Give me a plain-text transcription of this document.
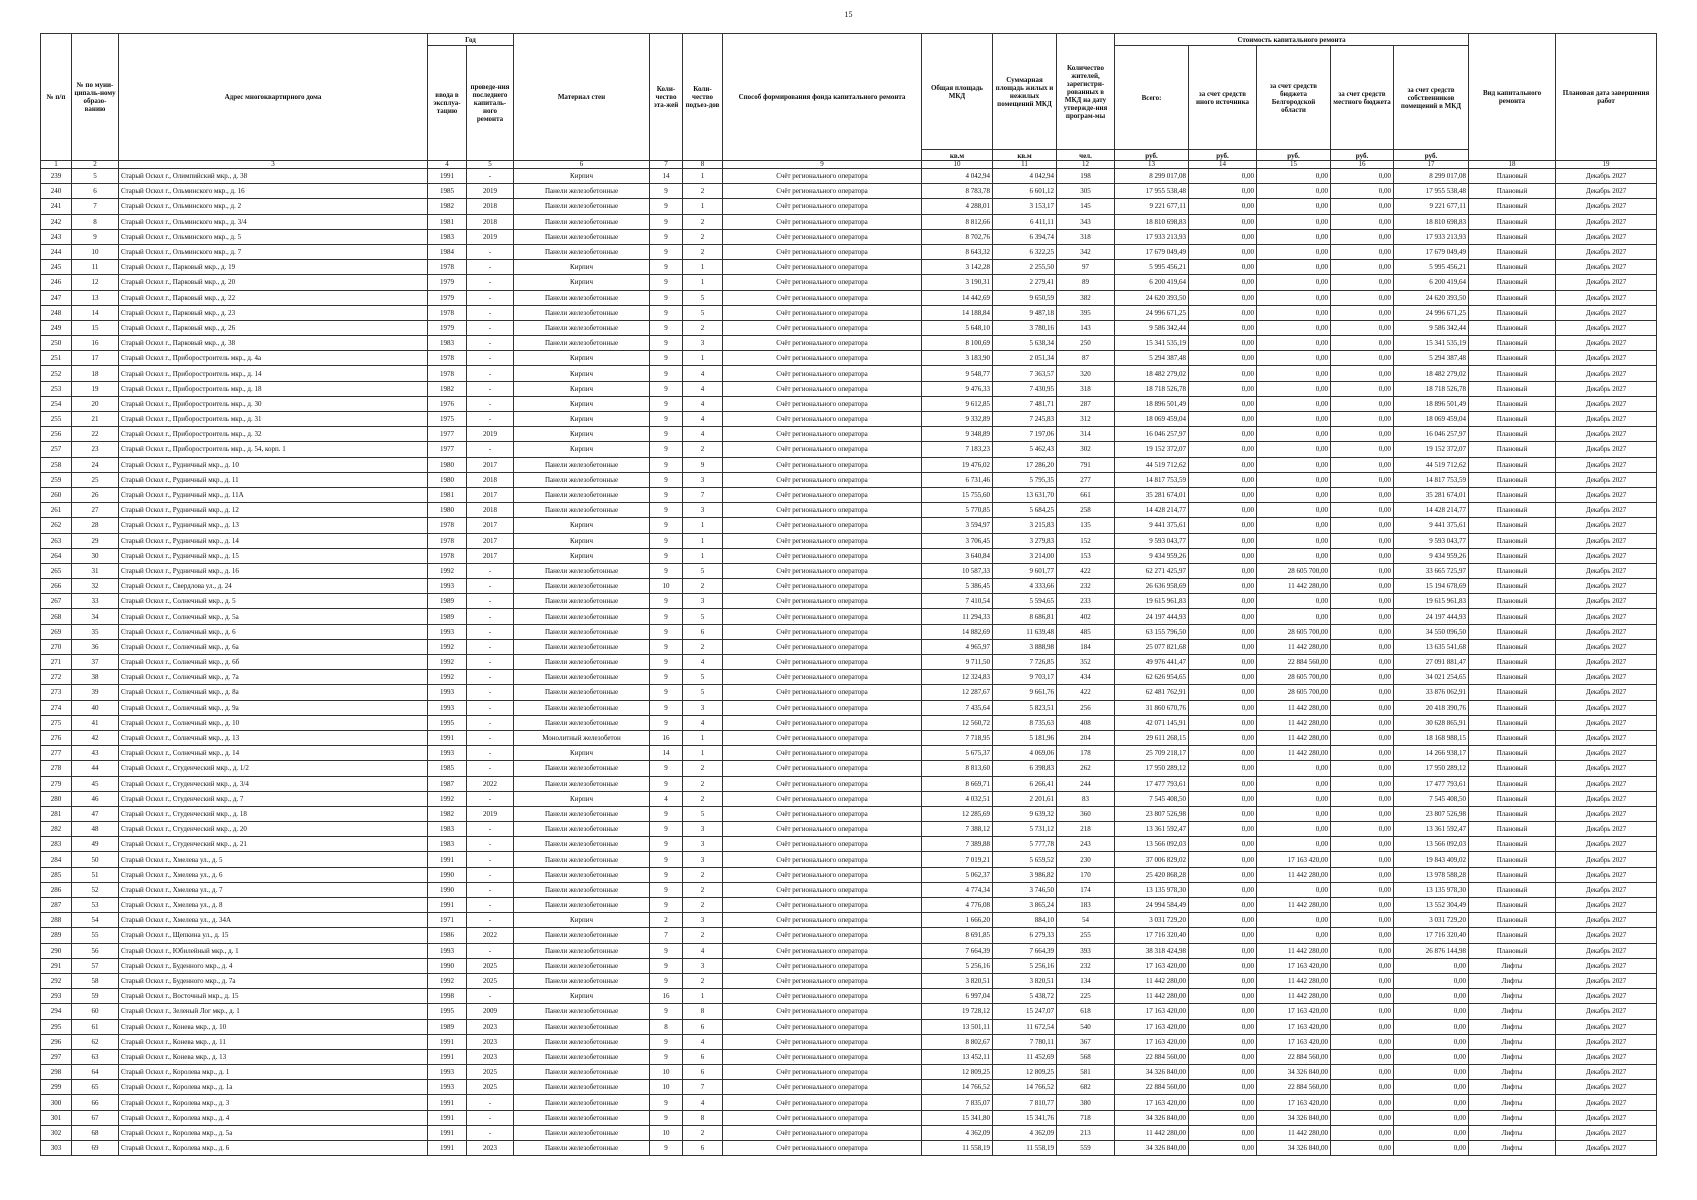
15
№ п/п	№ по муни-ципаль-ному образо-ванию	Адрес многоквартирного дома	Год		Материал стен	Коли-чество эта-жей	Коли-чество подъез-дов	Способ формирования фонда капитального ремонта	Общая площадь МКД	Суммарная площадь жилых и нежилых помещений МКД	Количество жителей, зарегистри-рованных в МКД на дату утвержде-ния програм-мы	Стоимость капитального ремонта					Вид капитального ремонта	Плановая дата завершения работ
			ввода в эксплуа-тацию	проведе-ния последнего капиталь-ного ремонта								Всего:	за счет средств иного источника	за счет средств бюджета Белгородской области	за счет средств местного бюджета	за счет средств собственников помещений в МКД		
									кв.м	кв.м	чел.	руб.	руб.	руб.	руб.	руб.		
1	2	3	4	5	6	7	8	9	10	11	12	13	14	15	16	17	18	19
239	5	Старый Оскол г., Олимпийский мкр., д. 38	1991	-	Кирпич	14	1	Счёт регионального оператора	4 042,94	4 042,94	198	8 299 017,08	0,00	0,00	0,00	8 299 017,08	Плановый	Декабрь 2027
240	6	Старый Оскол г., Ольминского мкр., д. 16	1985	2019	Панели железобетонные	9	2	Счёт регионального оператора	8 783,78	6 601,12	305	17 955 538,48	0,00	0,00	0,00	17 955 538,48	Плановый	Декабрь 2027
241	7	Старый Оскол г., Ольминского мкр., д. 2	1982	2018	Панели железобетонные	9	1	Счёт регионального оператора	4 288,01	3 153,17	145	9 221 677,11	0,00	0,00	0,00	9 221 677,11	Плановый	Декабрь 2027
242	8	Старый Оскол г., Ольминского мкр., д. 3/4	1981	2018	Панели железобетонные	9	2	Счёт регионального оператора	8 812,66	6 411,11	343	18 810 698,83	0,00	0,00	0,00	18 810 698,83	Плановый	Декабрь 2027
243	9	Старый Оскол г., Ольминского мкр., д. 5	1983	2019	Панели железобетонные	9	2	Счёт регионального оператора	8 702,76	6 394,74	318	17 933 213,93	0,00	0,00	0,00	17 933 213,93	Плановый	Декабрь 2027
244	10	Старый Оскол г., Ольминского мкр., д. 7	1984	-	Панели железобетонные	9	2	Счёт регионального оператора	8 643,32	6 322,25	342	17 679 049,49	0,00	0,00	0,00	17 679 049,49	Плановый	Декабрь 2027
245	11	Старый Оскол г., Парковый мкр., д. 19	1978	-	Кирпич	9	1	Счёт регионального оператора	3 142,28	2 255,50	97	5 995 456,21	0,00	0,00	0,00	5 995 456,21	Плановый	Декабрь 2027
246	12	Старый Оскол г., Парковый мкр., д. 20	1979	-	Кирпич	9	1	Счёт регионального оператора	3 190,31	2 279,41	89	6 200 419,64	0,00	0,00	0,00	6 200 419,64	Плановый	Декабрь 2027
247	13	Старый Оскол г., Парковый мкр., д. 22	1979	-	Панели железобетонные	9	5	Счёт регионального оператора	14 442,69	9 650,59	382	24 620 393,50	0,00	0,00	0,00	24 620 393,50	Плановый	Декабрь 2027
248	14	Старый Оскол г., Парковый мкр., д. 23	1978	-	Панели железобетонные	9	5	Счёт регионального оператора	14 188,84	9 487,18	395	24 996 671,25	0,00	0,00	0,00	24 996 671,25	Плановый	Декабрь 2027
249	15	Старый Оскол г., Парковый мкр., д. 26	1979	-	Панели железобетонные	9	2	Счёт регионального оператора	5 648,10	3 780,16	143	9 586 342,44	0,00	0,00	0,00	9 586 342,44	Плановый	Декабрь 2027
250	16	Старый Оскол г., Парковый мкр., д. 38	1983	-	Панели железобетонные	9	3	Счёт регионального оператора	8 100,69	5 638,34	250	15 341 535,19	0,00	0,00	0,00	15 341 535,19	Плановый	Декабрь 2027
251	17	Старый Оскол г., Приборостроитель мкр., д. 4а	1978	-	Кирпич	9	1	Счёт регионального оператора	3 183,90	2 051,34	87	5 294 387,48	0,00	0,00	0,00	5 294 387,48	Плановый	Декабрь 2027
252	18	Старый Оскол г., Приборостроитель мкр., д. 14	1978	-	Кирпич	9	4	Счёт регионального оператора	9 548,77	7 363,57	320	18 482 279,02	0,00	0,00	0,00	18 482 279,02	Плановый	Декабрь 2027
253	19	Старый Оскол г., Приборостроитель мкр., д. 18	1982	-	Кирпич	9	4	Счёт регионального оператора	9 476,33	7 430,95	318	18 718 526,78	0,00	0,00	0,00	18 718 526,78	Плановый	Декабрь 2027
254	20	Старый Оскол г., Приборостроитель мкр., д. 30	1976	-	Кирпич	9	4	Счёт регионального оператора	9 612,85	7 481,71	287	18 896 501,49	0,00	0,00	0,00	18 896 501,49	Плановый	Декабрь 2027
255	21	Старый Оскол г., Приборостроитель мкр., д. 31	1975	-	Кирпич	9	4	Счёт регионального оператора	9 332,89	7 245,83	312	18 069 459,04	0,00	0,00	0,00	18 069 459,04	Плановый	Декабрь 2027
256	22	Старый Оскол г., Приборостроитель мкр., д. 32	1977	2019	Кирпич	9	4	Счёт регионального оператора	9 348,89	7 197,06	314	16 046 257,97	0,00	0,00	0,00	16 046 257,97	Плановый	Декабрь 2027
257	23	Старый Оскол г., Приборостроитель мкр., д. 54, корп. 1	1977	-	Кирпич	9	2	Счёт регионального оператора	7 183,23	5 462,43	302	19 152 372,07	0,00	0,00	0,00	19 152 372,07	Плановый	Декабрь 2027
258	24	Старый Оскол г., Рудничный мкр., д. 10	1980	2017	Панели железобетонные	9	9	Счёт регионального оператора	19 476,02	17 286,20	791	44 519 712,62	0,00	0,00	0,00	44 519 712,62	Плановый	Декабрь 2027
259	25	Старый Оскол г., Рудничный мкр., д. 11	1980	2018	Панели железобетонные	9	3	Счёт регионального оператора	6 731,46	5 795,35	277	14 817 753,59	0,00	0,00	0,00	14 817 753,59	Плановый	Декабрь 2027
260	26	Старый Оскол г., Рудничный мкр., д. 11А	1981	2017	Панели железобетонные	9	7	Счёт регионального оператора	15 755,60	13 631,70	661	35 281 674,01	0,00	0,00	0,00	35 281 674,01	Плановый	Декабрь 2027
261	27	Старый Оскол г., Рудничный мкр., д. 12	1980	2018	Панели железобетонные	9	3	Счёт регионального оператора	5 770,85	5 684,25	258	14 428 214,77	0,00	0,00	0,00	14 428 214,77	Плановый	Декабрь 2027
262	28	Старый Оскол г., Рудничный мкр., д. 13	1978	2017	Кирпич	9	1	Счёт регионального оператора	3 594,97	3 215,83	135	9 441 375,61	0,00	0,00	0,00	9 441 375,61	Плановый	Декабрь 2027
263	29	Старый Оскол г., Рудничный мкр., д. 14	1978	2017	Кирпич	9	1	Счёт регионального оператора	3 706,45	3 279,83	152	9 593 043,77	0,00	0,00	0,00	9 593 043,77	Плановый	Декабрь 2027
264	30	Старый Оскол г., Рудничный мкр., д. 15	1978	2017	Кирпич	9	1	Счёт регионального оператора	3 640,84	3 214,00	153	9 434 959,26	0,00	0,00	0,00	9 434 959,26	Плановый	Декабрь 2027
265	31	Старый Оскол г., Рудничный мкр., д. 16	1992	-	Панели железобетонные	9	5	Счёт регионального оператора	10 587,33	9 601,77	422	62 271 425,97	0,00	28 605 700,00	0,00	33 665 725,97	Плановый	Декабрь 2027
266	32	Старый Оскол г., Свердлова ул., д. 24	1993	-	Панели железобетонные	10	2	Счёт регионального оператора	5 386,45	4 333,66	232	26 636 958,69	0,00	11 442 280,00	0,00	15 194 678,69	Плановый	Декабрь 2027
267	33	Старый Оскол г., Солнечный мкр., д. 5	1989	-	Панели железобетонные	9	3	Счёт регионального оператора	7 410,54	5 594,65	233	19 615 961,83	0,00	0,00	0,00	19 615 961,83	Плановый	Декабрь 2027
268	34	Старый Оскол г., Солнечный мкр., д. 5а	1989	-	Панели железобетонные	9	5	Счёт регионального оператора	11 294,33	8 686,81	402	24 197 444,93	0,00	0,00	0,00	24 197 444,93	Плановый	Декабрь 2027
269	35	Старый Оскол г., Солнечный мкр., д. 6	1993	-	Панели железобетонные	9	6	Счёт регионального оператора	14 882,69	11 639,48	485	63 155 796,50	0,00	28 605 700,00	0,00	34 550 096,50	Плановый	Декабрь 2027
270	36	Старый Оскол г., Солнечный мкр., д. 6а	1992	-	Панели железобетонные	9	2	Счёт регионального оператора	4 965,97	3 888,98	184	25 077 821,68	0,00	11 442 280,00	0,00	13 635 541,68	Плановый	Декабрь 2027
271	37	Старый Оскол г., Солнечный мкр., д. 6б	1992	-	Панели железобетонные	9	4	Счёт регионального оператора	9 711,50	7 726,85	352	49 976 441,47	0,00	22 884 560,00	0,00	27 091 881,47	Плановый	Декабрь 2027
272	38	Старый Оскол г., Солнечный мкр., д. 7а	1992	-	Панели железобетонные	9	5	Счёт регионального оператора	12 324,83	9 703,17	434	62 626 954,65	0,00	28 605 700,00	0,00	34 021 254,65	Плановый	Декабрь 2027
273	39	Старый Оскол г., Солнечный мкр., д. 8а	1993	-	Панели железобетонные	9	5	Счёт регионального оператора	12 287,67	9 661,76	422	62 481 762,91	0,00	28 605 700,00	0,00	33 876 062,91	Плановый	Декабрь 2027
274	40	Старый Оскол г., Солнечный мкр., д. 9а	1993	-	Панели железобетонные	9	3	Счёт регионального оператора	7 435,64	5 823,51	256	31 860 670,76	0,00	11 442 280,00	0,00	20 418 390,76	Плановый	Декабрь 2027
275	41	Старый Оскол г., Солнечный мкр., д. 10	1995	-	Панели железобетонные	9	4	Счёт регионального оператора	12 560,72	8 735,63	408	42 071 145,91	0,00	11 442 280,00	0,00	30 628 865,91	Плановый	Декабрь 2027
276	42	Старый Оскол г., Солнечный мкр., д. 13	1991	-	Монолитный железобетон	16	1	Счёт регионального оператора	7 718,95	5 181,96	204	29 611 268,15	0,00	11 442 280,00	0,00	18 168 988,15	Плановый	Декабрь 2027
277	43	Старый Оскол г., Солнечный мкр., д. 14	1993	-	Кирпич	14	1	Счёт регионального оператора	5 675,37	4 069,06	178	25 709 218,17	0,00	11 442 280,00	0,00	14 266 938,17	Плановый	Декабрь 2027
278	44	Старый Оскол г., Студенческий мкр., д. 1/2	1985	-	Панели железобетонные	9	2	Счёт регионального оператора	8 813,60	6 398,83	262	17 950 289,12	0,00	0,00	0,00	17 950 289,12	Плановый	Декабрь 2027
279	45	Старый Оскол г., Студенческий мкр., д. 3/4	1987	2022	Панели железобетонные	9	2	Счёт регионального оператора	8 669,71	6 266,41	244	17 477 793,61	0,00	0,00	0,00	17 477 793,61	Плановый	Декабрь 2027
280	46	Старый Оскол г., Студенческий мкр., д. 7	1992	-	Кирпич	4	2	Счёт регионального оператора	4 032,51	2 201,61	83	7 545 408,50	0,00	0,00	0,00	7 545 408,50	Плановый	Декабрь 2027
281	47	Старый Оскол г., Студенческий мкр., д. 18	1982	2019	Панели железобетонные	9	5	Счёт регионального оператора	12 285,69	9 639,32	360	23 807 526,98	0,00	0,00	0,00	23 807 526,98	Плановый	Декабрь 2027
282	48	Старый Оскол г., Студенческий мкр., д. 20	1983	-	Панели железобетонные	9	3	Счёт регионального оператора	7 388,12	5 731,12	218	13 361 592,47	0,00	0,00	0,00	13 361 592,47	Плановый	Декабрь 2027
283	49	Старый Оскол г., Студенческий мкр., д. 21	1983	-	Панели железобетонные	9	3	Счёт регионального оператора	7 389,88	5 777,78	243	13 566 092,03	0,00	0,00	0,00	13 566 092,03	Плановый	Декабрь 2027
284	50	Старый Оскол г., Хмелева ул., д. 5	1991	-	Панели железобетонные	9	3	Счёт регионального оператора	7 019,21	5 659,52	230	37 006 829,02	0,00	17 163 420,00	0,00	19 843 409,02	Плановый	Декабрь 2027
285	51	Старый Оскол г., Хмелева ул., д. 6	1990	-	Панели железобетонные	9	2	Счёт регионального оператора	5 062,37	3 986,82	170	25 420 868,28	0,00	11 442 280,00	0,00	13 978 588,28	Плановый	Декабрь 2027
286	52	Старый Оскол г., Хмелева ул., д. 7	1990	-	Панели железобетонные	9	2	Счёт регионального оператора	4 774,34	3 746,50	174	13 135 978,30	0,00	0,00	0,00	13 135 978,30	Плановый	Декабрь 2027
287	53	Старый Оскол г., Хмелева ул., д. 8	1991	-	Панели железобетонные	9	2	Счёт регионального оператора	4 776,08	3 865,24	183	24 994 584,49	0,00	11 442 280,00	0,00	13 552 304,49	Плановый	Декабрь 2027
288	54	Старый Оскол г., Хмелева ул., д. 34А	1971	-	Кирпич	2	3	Счёт регионального оператора	1 666,20	884,10	54	3 031 729,20	0,00	0,00	0,00	3 031 729,20	Плановый	Декабрь 2027
289	55	Старый Оскол г., Щепкина ул., д. 15	1986	2022	Панели железобетонные	7	2	Счёт регионального оператора	8 691,85	6 279,33	255	17 716 320,40	0,00	0,00	0,00	17 716 320,40	Плановый	Декабрь 2027
290	56	Старый Оскол г., Юбилейный мкр., д. 1	1993	-	Панели железобетонные	9	4	Счёт регионального оператора	7 664,39	7 664,39	393	38 318 424,98	0,00	11 442 280,00	0,00	26 876 144,98	Плановый	Декабрь 2027
291	57	Старый Оскол г., Буденного мкр., д. 4	1990	2025	Панели железобетонные	9	3	Счёт регионального оператора	5 256,16	5 256,16	232	17 163 420,00	0,00	17 163 420,00	0,00	0,00	Лифты	Декабрь 2027
292	58	Старый Оскол г., Буденного мкр., д. 7а	1992	2025	Панели железобетонные	9	2	Счёт регионального оператора	3 820,51	3 820,51	134	11 442 280,00	0,00	11 442 280,00	0,00	0,00	Лифты	Декабрь 2027
293	59	Старый Оскол г., Восточный мкр., д. 15	1998	-	Кирпич	16	1	Счёт регионального оператора	6 997,04	5 438,72	225	11 442 280,00	0,00	11 442 280,00	0,00	0,00	Лифты	Декабрь 2027
294	60	Старый Оскол г., Зеленый Лог мкр., д. 1	1995	2009	Панели железобетонные	9	8	Счёт регионального оператора	19 728,12	15 247,07	618	17 163 420,00	0,00	17 163 420,00	0,00	0,00	Лифты	Декабрь 2027
295	61	Старый Оскол г., Конева мкр., д. 10	1989	2023	Панели железобетонные	8	6	Счёт регионального оператора	13 501,11	11 672,54	540	17 163 420,00	0,00	17 163 420,00	0,00	0,00	Лифты	Декабрь 2027
296	62	Старый Оскол г., Конева мкр., д. 11	1991	2023	Панели железобетонные	9	4	Счёт регионального оператора	8 802,67	7 780,11	367	17 163 420,00	0,00	17 163 420,00	0,00	0,00	Лифты	Декабрь 2027
297	63	Старый Оскол г., Конева мкр., д. 13	1991	2023	Панели железобетонные	9	6	Счёт регионального оператора	13 452,11	11 452,69	568	22 884 560,00	0,00	22 884 560,00	0,00	0,00	Лифты	Декабрь 2027
298	64	Старый Оскол г., Королева мкр., д. 1	1993	2025	Панели железобетонные	10	6	Счёт регионального оператора	12 809,25	12 809,25	581	34 326 840,00	0,00	34 326 840,00	0,00	0,00	Лифты	Декабрь 2027
299	65	Старый Оскол г., Королева мкр., д. 1а	1993	2025	Панели железобетонные	10	7	Счёт регионального оператора	14 766,52	14 766,52	682	22 884 560,00	0,00	22 884 560,00	0,00	0,00	Лифты	Декабрь 2027
300	66	Старый Оскол г., Королева мкр., д. 3	1991	-	Панели железобетонные	9	4	Счёт регионального оператора	7 835,07	7 810,77	380	17 163 420,00	0,00	17 163 420,00	0,00	0,00	Лифты	Декабрь 2027
301	67	Старый Оскол г., Королева мкр., д. 4	1991	-	Панели железобетонные	9	8	Счёт регионального оператора	15 341,80	15 341,76	718	34 326 840,00	0,00	34 326 840,00	0,00	0,00	Лифты	Декабрь 2027
302	68	Старый Оскол г., Королева мкр., д. 5а	1991	-	Панели железобетонные	10	2	Счёт регионального оператора	4 362,09	4 362,09	213	11 442 280,00	0,00	11 442 280,00	0,00	0,00	Лифты	Декабрь 2027
303	69	Старый Оскол г., Королева мкр., д. 6	1991	2023	Панели железобетонные	9	6	Счёт регионального оператора	11 558,19	11 558,19	559	34 326 840,00	0,00	34 326 840,00	0,00	0,00	Лифты	Декабрь 2027
